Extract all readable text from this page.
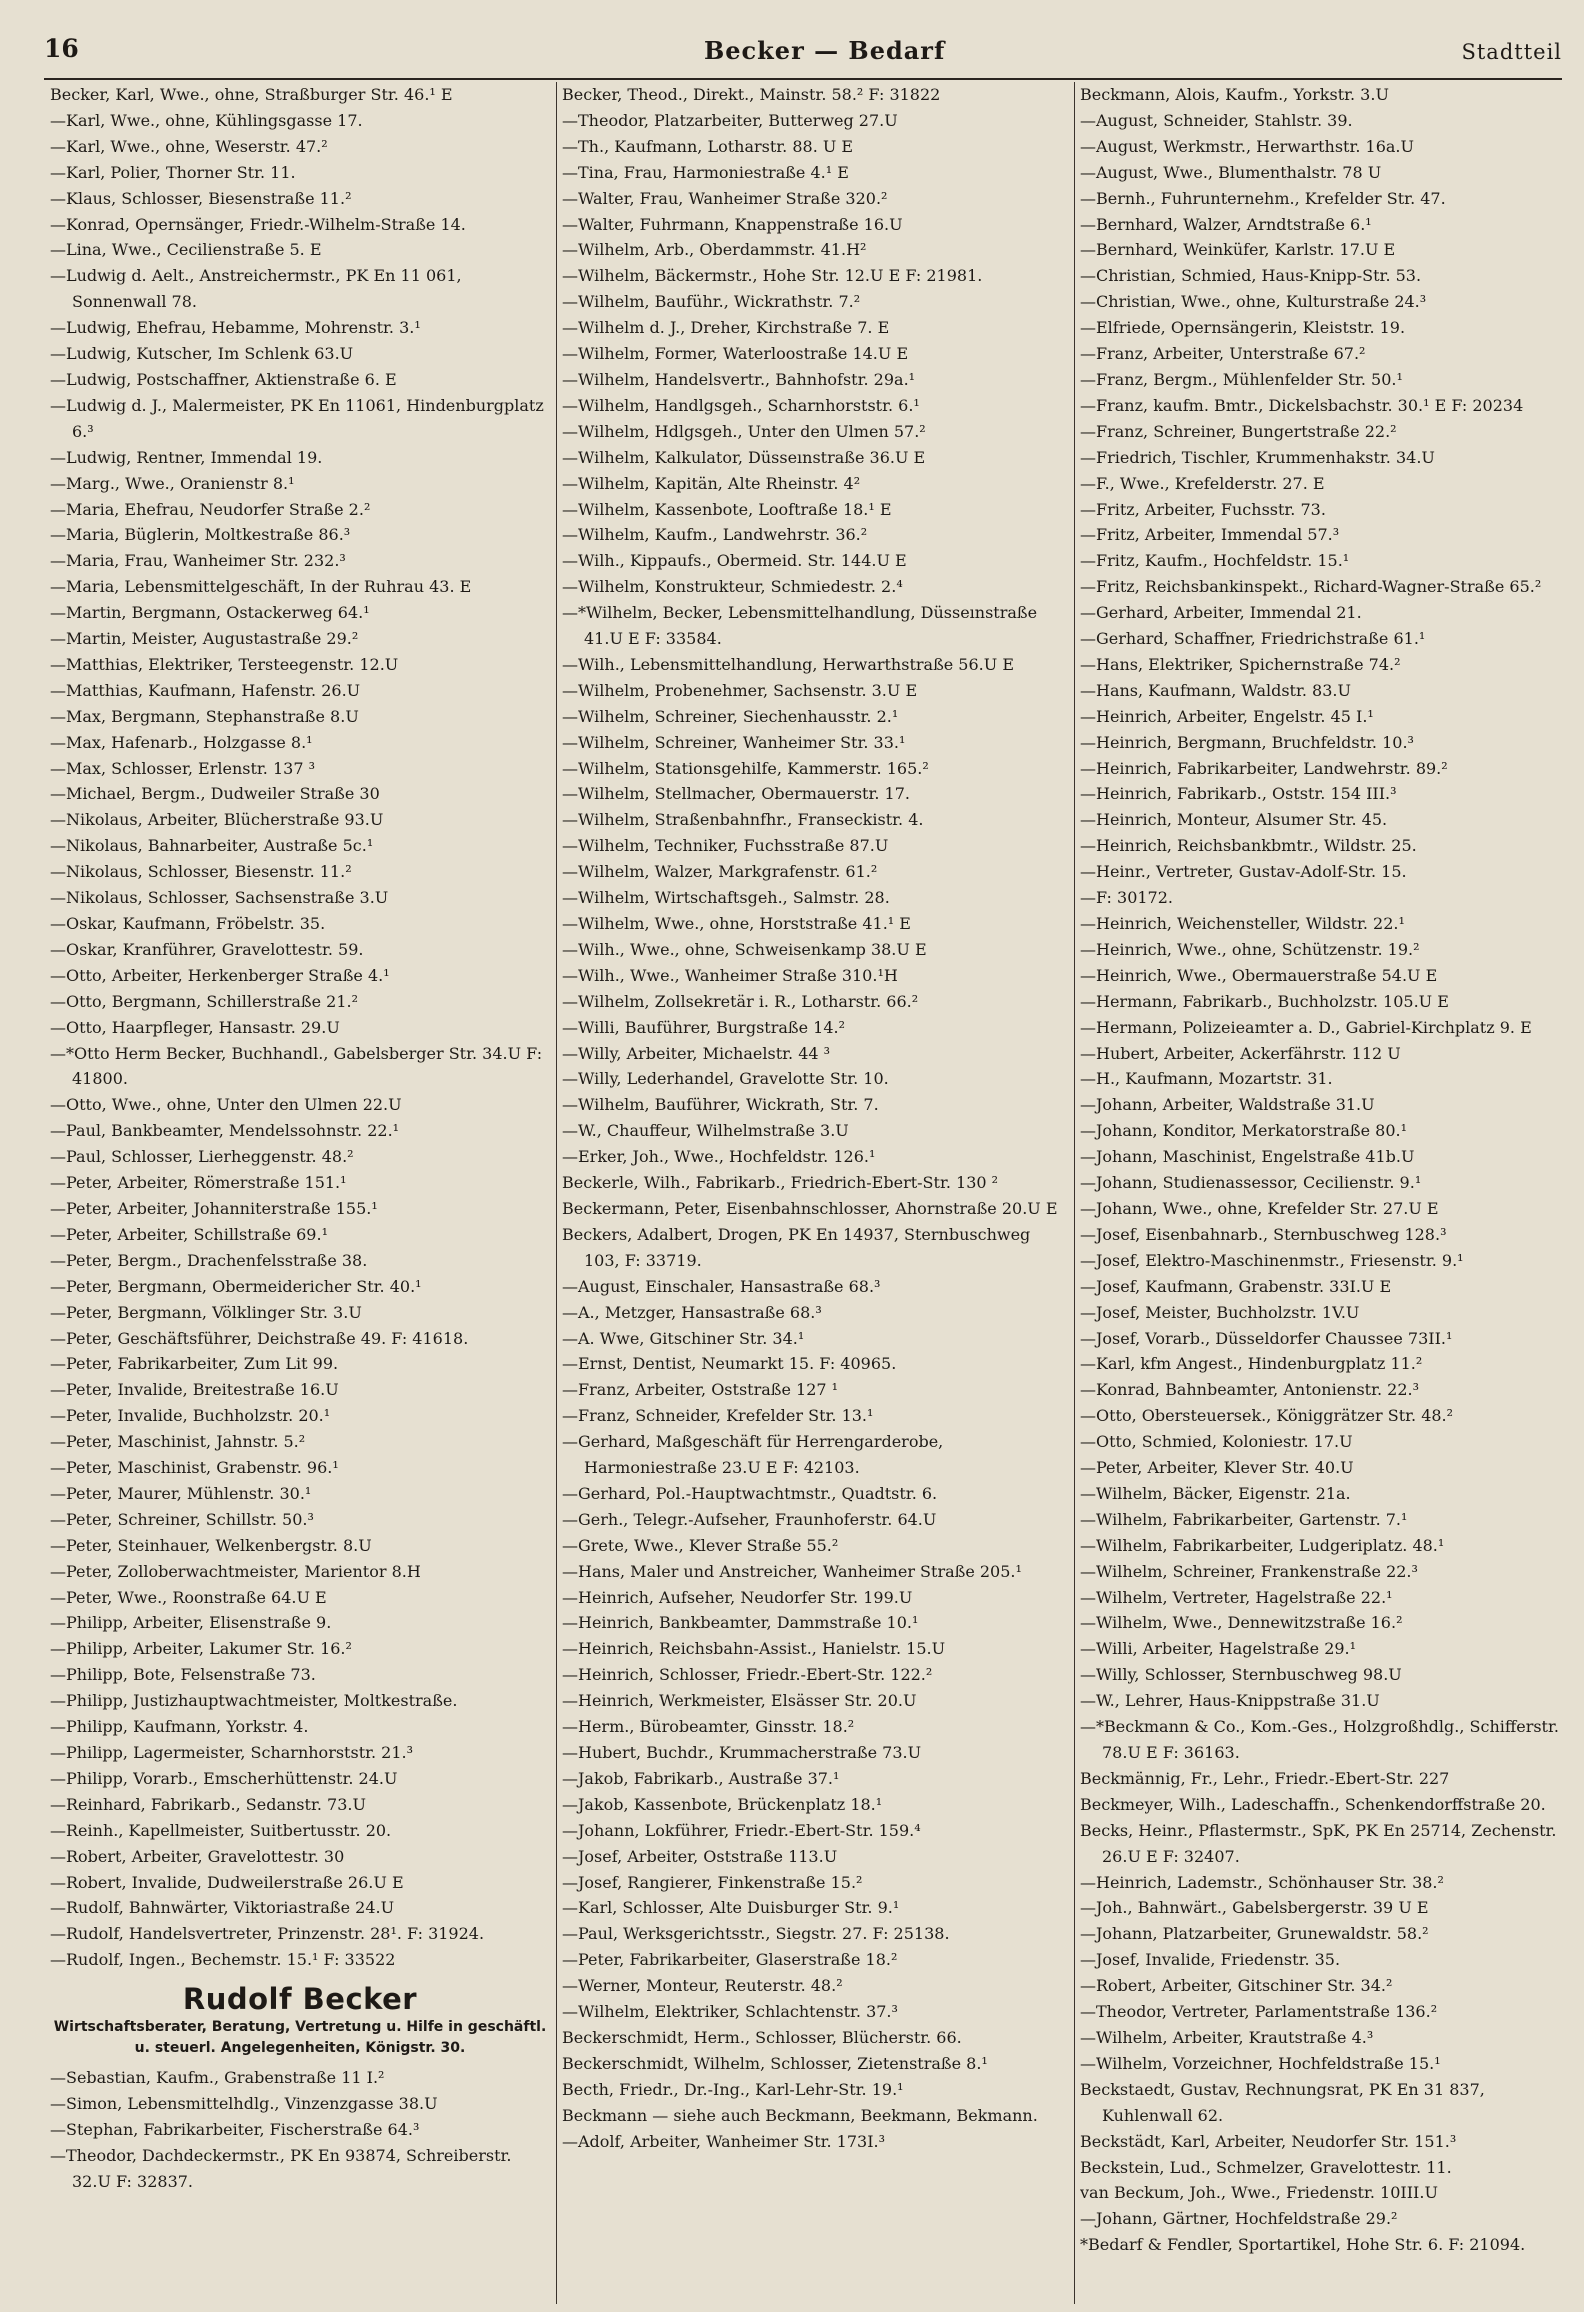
16	Becker — Bedarf	Stadtteil

Becker, Karl, Wwe., ohne, Straßburger Str. 46.¹ E

—Karl, Wwe., ohne, Kühlingsgasse 17.

—Karl, Wwe., ohne, Weserstr. 47.²

—Karl, Polier, Thorner Str. 11.

—Klaus, Schlosser, Biesenstraße 11.²

—Konrad, Opernsänger, Friedr.-Wilhelm-Straße 14.

—Lina, Wwe., Cecilienstraße 5. E

—Ludwig d. Aelt., Anstreichermstr., PK En 11 061, Sonnenwall 78.

—Ludwig, Ehefrau, Hebamme, Mohrenstr. 3.¹

—Ludwig, Kutscher, Im Schlenk 63.U

—Ludwig, Postschaffner, Aktienstraße 6. E

—Ludwig d. J., Malermeister, PK En 11061, Hindenburgplatz 6.³

—Ludwig, Rentner, Immendal 19.

—Marg., Wwe., Oranienstr 8.¹

—Maria, Ehefrau, Neudorfer Straße 2.²

—Maria, Büglerin, Moltkestraße 86.³

—Maria, Frau, Wanheimer Str. 232.³

—Maria, Lebensmittelgeschäft, In der Ruhrau 43. E

—Martin, Bergmann, Ostackerweg 64.¹

—Martin, Meister, Augustastraße 29.²

—Matthias, Elektriker, Tersteegenstr. 12.U

—Matthias, Kaufmann, Hafenstr. 26.U

—Max, Bergmann, Stephanstraße 8.U

—Max, Hafenarb., Holzgasse 8.¹

—Max, Schlosser, Erlenstr. 137 ³

—Michael, Bergm., Dudweiler Straße 30

—Nikolaus, Arbeiter, Blücherstraße 93.U

—Nikolaus, Bahnarbeiter, Austraße 5c.¹

—Nikolaus, Schlosser, Biesenstr. 11.²

—Nikolaus, Schlosser, Sachsenstraße 3.U

—Oskar, Kaufmann, Fröbelstr. 35.

—Oskar, Kranführer, Gravelottestr. 59.

—Otto, Arbeiter, Herkenberger Straße 4.¹

—Otto, Bergmann, Schillerstraße 21.²

—Otto, Haarpfleger, Hansastr. 29.U

—*Otto Herm Becker, Buchhandl., Gabelsberger Str. 34.U F: 41800.

—Otto, Wwe., ohne, Unter den Ulmen 22.U

—Paul, Bankbeamter, Mendelssohnstr. 22.¹

—Paul, Schlosser, Lierheggenstr. 48.²

—Peter, Arbeiter, Römerstraße 151.¹

—Peter, Arbeiter, Johanniterstraße 155.¹

—Peter, Arbeiter, Schillstraße 69.¹

—Peter, Bergm., Drachenfelsstraße 38.

—Peter, Bergmann, Obermeidericher Str. 40.¹

—Peter, Bergmann, Völklinger Str. 3.U

—Peter, Geschäftsführer, Deichstraße 49. F: 41618.

—Peter, Fabrikarbeiter, Zum Lit 99.

—Peter, Invalide, Breitestraße 16.U

—Peter, Invalide, Buchholzstr. 20.¹

—Peter, Maschinist, Jahnstr. 5.²

—Peter, Maschinist, Grabenstr. 96.¹

—Peter, Maurer, Mühlenstr. 30.¹

—Peter, Schreiner, Schillstr. 50.³

—Peter, Steinhauer, Welkenbergstr. 8.U

—Peter, Zolloberwachtmeister, Marientor 8.H

—Peter, Wwe., Roonstraße 64.U E

—Philipp, Arbeiter, Elisenstraße 9.

—Philipp, Arbeiter, Lakumer Str. 16.²

—Philipp, Bote, Felsenstraße 73.

—Philipp, Justizhauptwachtmeister, Moltkestraße.

—Philipp, Kaufmann, Yorkstr. 4.

—Philipp, Lagermeister, Scharnhorststr. 21.³

—Philipp, Vorarb., Emscherhüttenstr. 24.U

—Reinhard, Fabrikarb., Sedanstr. 73.U

—Reinh., Kapellmeister, Suitbertusstr. 20.

—Robert, Arbeiter, Gravelottestr. 30

—Robert, Invalide, Dudweilerstraße 26.U E

—Rudolf, Bahnwärter, Viktoriastraße 24.U

—Rudolf, Handelsvertreter, Prinzenstr. 28¹. F: 31924.

—Rudolf, Ingen., Bechemstr. 15.¹ F: 33522

Rudolf Becker
Wirtschaftsberater, Beratung, Vertretung u. Hilfe in geschäftl. u. steuerl. Angelegenheiten, Königstr. 30.

—Sebastian, Kaufm., Grabenstraße 11 I.²

—Simon, Lebensmittelhdlg., Vinzenzgasse 38.U

—Stephan, Fabrikarbeiter, Fischerstraße 64.³

—Theodor, Dachdeckermstr., PK En 93874, Schreiberstr. 32.U F: 32837.

Becker, Theod., Direkt., Mainstr. 58.² F: 31822

—Theodor, Platzarbeiter, Butterweg 27.U

—Th., Kaufmann, Lotharstr. 88. U E

—Tina, Frau, Harmoniestraße 4.¹ E

—Walter, Frau, Wanheimer Straße 320.²

—Walter, Fuhrmann, Knappenstraße 16.U

—Wilhelm, Arb., Oberdammstr. 41.H²

—Wilhelm, Bäckermstr., Hohe Str. 12.U E F: 21981.

—Wilhelm, Bauführ., Wickrathstr. 7.²

—Wilhelm d. J., Dreher, Kirchstraße 7. E

—Wilhelm, Former, Waterloostraße 14.U E

—Wilhelm, Handelsvertr., Bahnhofstr. 29a.¹

—Wilhelm, Handlgsgeh., Scharnhorststr. 6.¹

—Wilhelm, Hdlgsgeh., Unter den Ulmen 57.²

—Wilhelm, Kalkulator, Düsseınstraße 36.U E

—Wilhelm, Kapitän, Alte Rheinstr. 4²

—Wilhelm, Kassenbote, Looftraße 18.¹ E

—Wilhelm, Kaufm., Landwehrstr. 36.²

—Wilh., Kippaufs., Obermeid. Str. 144.U E

—Wilhelm, Konstrukteur, Schmiedestr. 2.⁴

—*Wilhelm, Becker, Lebensmittelhandlung, Düsseınstraße 41.U E F: 33584.

—Wilh., Lebensmittelhandlung, Herwarthstraße 56.U E

—Wilhelm, Probenehmer, Sachsenstr. 3.U E

—Wilhelm, Schreiner, Siechenhausstr. 2.¹

—Wilhelm, Schreiner, Wanheimer Str. 33.¹

—Wilhelm, Stationsgehilfe, Kammerstr. 165.²

—Wilhelm, Stellmacher, Obermauerstr. 17.

—Wilhelm, Straßenbahnfhr., Franseckistr. 4.

—Wilhelm, Techniker, Fuchsstraße 87.U

—Wilhelm, Walzer, Markgrafenstr. 61.²

—Wilhelm, Wirtschaftsgeh., Salmstr. 28.

—Wilhelm, Wwe., ohne, Horststraße 41.¹ E

—Wilh., Wwe., ohne, Schweisenkamp 38.U E

—Wilh., Wwe., Wanheimer Straße 310.¹H

—Wilhelm, Zollsekretär i. R., Lotharstr. 66.²

—Willi, Bauführer, Burgstraße 14.²

—Willy, Arbeiter, Michaelstr. 44 ³

—Willy, Lederhandel, Gravelotte Str. 10.

—Wilhelm, Bauführer, Wickrath, Str. 7.

—W., Chauffeur, Wilhelmstraße 3.U

—Erker, Joh., Wwe., Hochfeldstr. 126.¹

Beckerle, Wilh., Fabrikarb., Friedrich-Ebert-Str. 130 ²

Beckermann, Peter, Eisenbahnschlosser, Ahornstraße 20.U E

Beckers, Adalbert, Drogen, PK En 14937, Sternbuschweg 103, F: 33719.

—August, Einschaler, Hansastraße 68.³

—A., Metzger, Hansastraße 68.³

—A. Wwe, Gitschiner Str. 34.¹

—Ernst, Dentist, Neumarkt 15. F: 40965.

—Franz, Arbeiter, Oststraße 127 ¹

—Franz, Schneider, Krefelder Str. 13.¹

—Gerhard, Maßgeschäft für Herrengarderobe, Harmoniestraße 23.U E F: 42103.

—Gerhard, Pol.-Hauptwachtmstr., Quadtstr. 6.

—Gerh., Telegr.-Aufseher, Fraunhoferstr. 64.U

—Grete, Wwe., Klever Straße 55.²

—Hans, Maler und Anstreicher, Wanheimer Straße 205.¹

—Heinrich, Aufseher, Neudorfer Str. 199.U

—Heinrich, Bankbeamter, Dammstraße 10.¹

—Heinrich, Reichsbahn-Assist., Hanielstr. 15.U

—Heinrich, Schlosser, Friedr.-Ebert-Str. 122.²

—Heinrich, Werkmeister, Elsässer Str. 20.U

—Herm., Bürobeamter, Ginsstr. 18.²

—Hubert, Buchdr., Krummacherstraße 73.U

—Jakob, Fabrikarb., Austraße 37.¹

—Jakob, Kassenbote, Brückenplatz 18.¹

—Johann, Lokführer, Friedr.-Ebert-Str. 159.⁴

—Josef, Arbeiter, Oststraße 113.U

—Josef, Rangierer, Finkenstraße 15.²

—Karl, Schlosser, Alte Duisburger Str. 9.¹

—Paul, Werksgerichtsstr., Siegstr. 27. F: 25138.

—Peter, Fabrikarbeiter, Glaserstraße 18.²

—Werner, Monteur, Reuterstr. 48.²

—Wilhelm, Elektriker, Schlachtenstr. 37.³

Beckerschmidt, Herm., Schlosser, Blücherstr. 66.

Beckerschmidt, Wilhelm, Schlosser, Zietenstraße 8.¹

Becth, Friedr., Dr.-Ing., Karl-Lehr-Str. 19.¹

Beckmann — siehe auch Beckmann, Beekmann, Bekmann.

—Adolf, Arbeiter, Wanheimer Str. 173I.³

Beckmann, Alois, Kaufm., Yorkstr. 3.U

—August, Schneider, Stahlstr. 39.

—August, Werkmstr., Herwarthstr. 16a.U

—August, Wwe., Blumenthalstr. 78 U

—Bernh., Fuhrunternehm., Krefelder Str. 47.

—Bernhard, Walzer, Arndtstraße 6.¹

—Bernhard, Weinküfer, Karlstr. 17.U E

—Christian, Schmied, Haus-Knipp-Str. 53.

—Christian, Wwe., ohne, Kulturstraße 24.³

—Elfriede, Opernsängerin, Kleiststr. 19.

—Franz, Arbeiter, Unterstraße 67.²

—Franz, Bergm., Mühlenfelder Str. 50.¹

—Franz, kaufm. Bmtr., Dickelsbachstr. 30.¹ E F: 20234

—Franz, Schreiner, Bungertstraße 22.²

—Friedrich, Tischler, Krummenhakstr. 34.U

—F., Wwe., Krefelderstr. 27. E

—Fritz, Arbeiter, Fuchsstr. 73.

—Fritz, Arbeiter, Immendal 57.³

—Fritz, Kaufm., Hochfeldstr. 15.¹

—Fritz, Reichsbankinspekt., Richard-Wagner-Straße 65.²

—Gerhard, Arbeiter, Immendal 21.

—Gerhard, Schaffner, Friedrichstraße 61.¹

—Hans, Elektriker, Spichernstraße 74.²

—Hans, Kaufmann, Waldstr. 83.U

—Heinrich, Arbeiter, Engelstr. 45 I.¹

—Heinrich, Bergmann, Bruchfeldstr. 10.³

—Heinrich, Fabrikarbeiter, Landwehrstr. 89.²

—Heinrich, Fabrikarb., Oststr. 154 III.³

—Heinrich, Monteur, Alsumer Str. 45.

—Heinrich, Reichsbankbmtr., Wildstr. 25.

—Heinr., Vertreter, Gustav-Adolf-Str. 15.

—F: 30172.

—Heinrich, Weichensteller, Wildstr. 22.¹

—Heinrich, Wwe., ohne, Schützenstr. 19.²

—Heinrich, Wwe., Obermauerstraße 54.U E

—Hermann, Fabrikarb., Buchholzstr. 105.U E

—Hermann, Polizeieamter a. D., Gabriel-Kirchplatz 9. E

—Hubert, Arbeiter, Ackerfährstr. 112 U

—H., Kaufmann, Mozartstr. 31.

—Johann, Arbeiter, Waldstraße 31.U

—Johann, Konditor, Merkatorstraße 80.¹

—Johann, Maschinist, Engelstraße 41b.U

—Johann, Studienassessor, Cecilienstr. 9.¹

—Johann, Wwe., ohne, Krefelder Str. 27.U E

—Josef, Eisenbahnarb., Sternbuschweg 128.³

—Josef, Elektro-Maschinenmstr., Friesenstr. 9.¹

—Josef, Kaufmann, Grabenstr. 33I.U E

—Josef, Meister, Buchholzstr. 1V.U

—Josef, Vorarb., Düsseldorfer Chaussee 73II.¹

—Karl, kfm Angest., Hindenburgplatz 11.²

—Konrad, Bahnbeamter, Antonienstr. 22.³

—Otto, Obersteuersek., Königgrätzer Str. 48.²

—Otto, Schmied, Koloniestr. 17.U

—Peter, Arbeiter, Klever Str. 40.U

—Wilhelm, Bäcker, Eigenstr. 21a.

—Wilhelm, Fabrikarbeiter, Gartenstr. 7.¹

—Wilhelm, Fabrikarbeiter, Ludgeriplatz. 48.¹

—Wilhelm, Schreiner, Frankenstraße 22.³

—Wilhelm, Vertreter, Hagelstraße 22.¹

—Wilhelm, Wwe., Dennewitzstraße 16.²

—Willi, Arbeiter, Hagelstraße 29.¹

—Willy, Schlosser, Sternbuschweg 98.U

—W., Lehrer, Haus-Knippstraße 31.U

—*Beckmann & Co., Kom.-Ges., Holzgroßhdlg., Schifferstr. 78.U E F: 36163.

Beckmännig, Fr., Lehr., Friedr.-Ebert-Str. 227

Beckmeyer, Wilh., Ladeschaffn., Schenkendorffstraße 20.

Becks, Heinr., Pflastermstr., SpK, PK En 25714, Zechenstr. 26.U E F: 32407.

—Heinrich, Lademstr., Schönhauser Str. 38.²

—Joh., Bahnwärt., Gabelsbergerstr. 39 U E

—Johann, Platzarbeiter, Grunewaldstr. 58.²

—Josef, Invalide, Friedenstr. 35.

—Robert, Arbeiter, Gitschiner Str. 34.²

—Theodor, Vertreter, Parlamentstraße 136.²

—Wilhelm, Arbeiter, Krautstraße 4.³

—Wilhelm, Vorzeichner, Hochfeldstraße 15.¹

Beckstaedt, Gustav, Rechnungsrat, PK En 31 837, Kuhlenwall 62.

Beckstädt, Karl, Arbeiter, Neudorfer Str. 151.³

Beckstein, Lud., Schmelzer, Gravelottestr. 11.

van Beckum, Joh., Wwe., Friedenstr. 10III.U

—Johann, Gärtner, Hochfeldstraße 29.²

*Bedarf & Fendler, Sportartikel, Hohe Str. 6. F: 21094.
